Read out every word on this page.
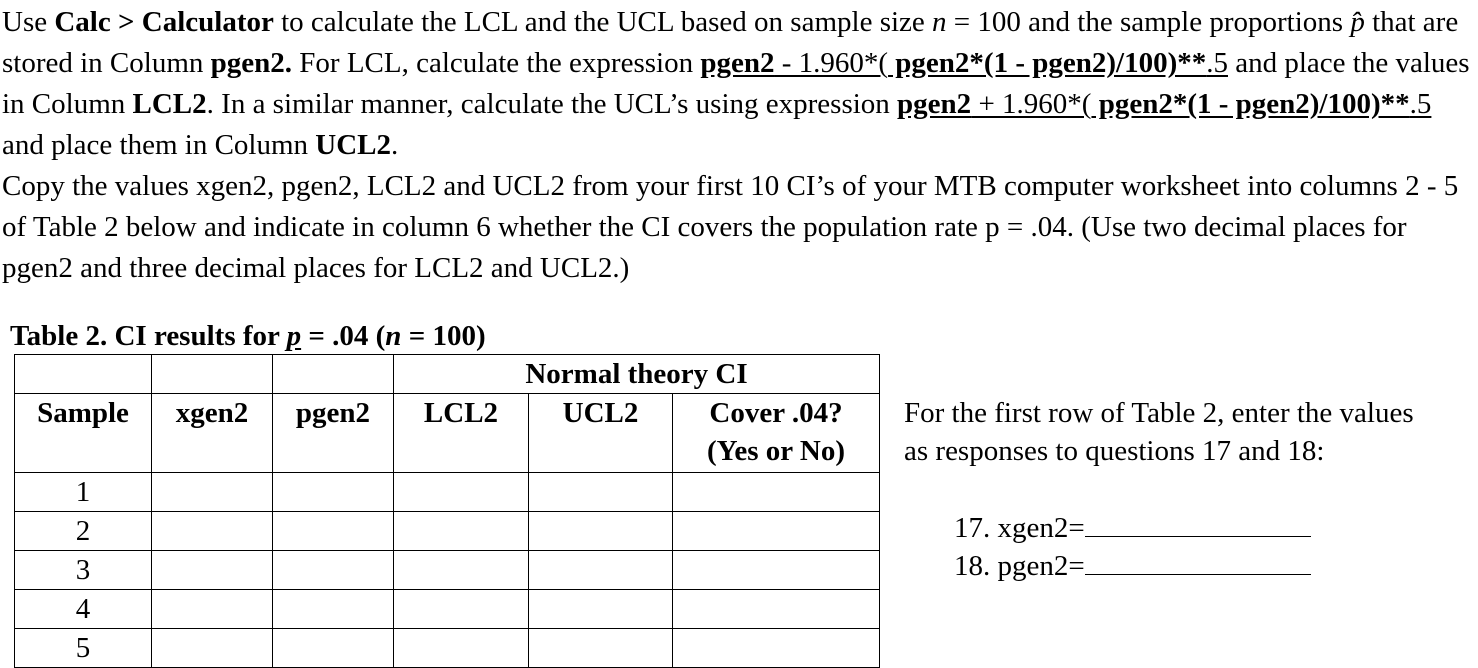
Use Calc > Calculator to calculate the LCL and the UCL based on sample size n = 100 and the sample proportions p̂ that are stored in Column pgen2. For LCL, calculate the expression pgen2 - 1.960*( pgen2*(1 - pgen2)/100)**.5 and place the values in Column LCL2. In a similar manner, calculate the UCL’s using expression pgen2 + 1.960*( pgen2*(1 - pgen2)/100)**.5 and place them in Column UCL2.
Copy the values xgen2, pgen2, LCL2 and UCL2 from your first 10 CI’s of your MTB computer worksheet into columns 2 - 5 of Table 2 below and indicate in column 6 whether the CI covers the population rate p = .04. (Use two decimal places for pgen2 and three decimal places for LCL2 and UCL2.)

Table 2. CI results for p = .04 (n = 100)
			Normal theory CI		
Sample	xgen2	pgen2	LCL2	UCL2	Cover .04?
(Yes or No)
1					
2					
3					
4					
5					
For the first row of Table 2, enter the values as responses to questions 17 and 18:
17. xgen2=
18. pgen2=
